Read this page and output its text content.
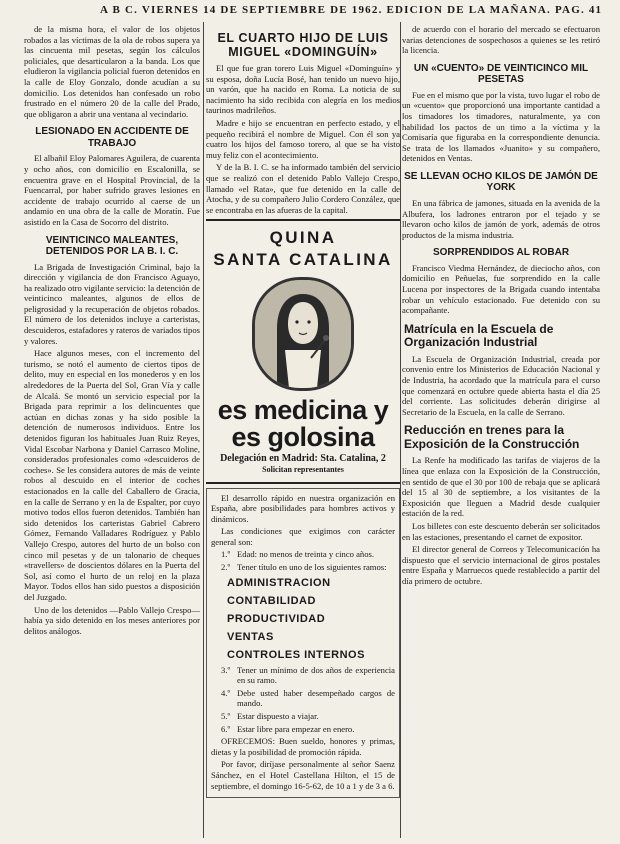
A B C. VIERNES 14 DE SEPTIEMBRE DE 1962. EDICION DE LA MAÑANA. PAG. 41

de la misma hora, el valor de los objetos robados a las víctimas de la ola de robos supera ya las cincuenta mil pesetas, según los cálculos policiales, que desarticularon a la banda. Los que eludieron la vigilancia policial fueron detenidos en la calle de Eloy Gonzalo, donde acudían a su domicilio. Los detenidos han confesado un robo frustrado en el número 20 de la calle del Prado, que obligaron a abrir una ventana al vecindario.

LESIONADO EN ACCIDENTE DE TRABAJO

El albañil Eloy Palomares Aguilera, de cuarenta y ocho años, con domicilio en Escalonilla, se encuentra grave en el Hospital Provincial, de la Fuencarral, por haber sufrido graves lesiones en accidente de trabajo ocurrido al caerse de un andamio en una obra de la calle de Moratín. Fue asistido en la Casa de Socorro del distrito.

VEINTICINCO MALEANTES, DETENIDOS POR LA B. I. C.

La Brigada de Investigación Criminal, bajo la dirección y vigilancia de don Francisco Aguayo, ha realizado otro vigilante servicio: la detención de veinticinco maleantes, algunos de ellos de peligrosidad y la recuperación de objetos robados. El número de los detenidos incluye a carteristas, descuideros, estafadores y rateros de variados tipos y valores.

Hace algunos meses, con el incremento del turismo, se notó el aumento de ciertos tipos de delito, muy en especial en los monederos y en los alrededores de la Puerta del Sol, Gran Vía y calle de Alcalá. Se montó un servicio especial por la Brigada para reprimir a los delincuentes que actúan en dichas zonas y ha sido posible la detención de numerosos individuos. Entre los detenidos figuran los habituales Juan Ruiz Reyes, Vidal Escobar Narbona y Daniel Carrasco Moline, considerados profesionales como «descuideros de coches». Se les considera autores de más de veinte robos al descuido en el interior de coches estacionados en la calle del Caballero de Gracia, en la calle de Serrano y en la de Espalter, por cuyo motivo todos ellos fueron detenidos. También han sido detenidos los carteristas Gabriel Cabrero Gómez, Fernando Valladares Rodríguez y Pablo Vallejo Crespo, autores del hurto de un bolso con cinco mil pesetas y de un talonario de cheques «travellers» de doscientos dólares en la Puerta del Sol, así como el hurto de un reloj en la plaza Mayor. Todos ellos han sido puestos a disposición del Juzgado.

Uno de los detenidos —Pablo Vallejo Crespo— había ya sido detenido en los meses anteriores por delitos análogos.

EL CUARTO HIJO DE LUIS MIGUEL «DOMINGUÍN»

El que fue gran torero Luis Miguel «Dominguín» y su esposa, doña Lucía Bosé, han tenido un nuevo hijo, un varón, que ha nacido en Roma. La noticia de su nacimiento ha sido recibida con alegría en los medios taurinos madrileños.

Madre e hijo se encuentran en perfecto estado, y el pequeño recibirá el nombre de Miguel. Con él son ya cuatro los hijos del famoso torero, al que se ha visto muy feliz con el acontecimiento.

Y de la B. I. C. se ha informado también del servicio que se realizó con el detenido Pablo Vallejo Crespo, llamado «el Rata», que fue detenido en la calle de Atocha, y de su compañero Julio Cordero Conzález, que se encontraba en las afueras de la capital.

QUINA
SANTA CATALINA
es medicina y
es golosina
Delegación en Madrid: Sta. Catalina, 2
Solicitan representantes

El desarrollo rápido en nuestra organización en España, abre posibilidades para hombres activos y dinámicos.

Las condiciones que exigimos con carácter general son:

1.º Edad: no menos de treinta y cinco años.

2.º Tener título en uno de los siguientes ramos:

ADMINISTRACION
CONTABILIDAD
PRODUCTIVIDAD
VENTAS
CONTROLES INTERNOS

3.º Tener un mínimo de dos años de experiencia en su ramo.

4.º Debe usted haber desempeñado cargos de mando.

5.º Estar dispuesto a viajar.

6.º Estar libre para empezar en enero.

OFRECEMOS: Buen sueldo, honores y primas, dietas y la posibilidad de promoción rápida.

Por favor, diríjase personalmente al señor Saenz Sánchez, en el Hotel Castellana Hilton, el 15 de septiembre, el domingo 16-5-62, de 10 a 1 y de 3 a 6.

de acuerdo con el horario del mercado se efectuaron varias detenciones de sospechosos a quienes se les retiró la licencia.

UN «CUENTO» DE VEINTICINCO MIL PESETAS

Fue en el mismo que por la vista, tuvo lugar el robo de un «cuento» que proporcionó una importante cantidad a los timadores los timadores, naturalmente, ya con habilidad los pactos de un timo a la víctima y la Comisaría que figuraba en la correspondiente denuncia. Se trata de los llamados «Juanito» y su compañero, detenidos en Ventas.

SE LLEVAN OCHO KILOS DE JAMÓN DE YORK

En una fábrica de jamones, situada en la avenida de la Albufera, los ladrones entraron por el tejado y se llevaron ocho kilos de jamón de york, además de otros productos de la misma industria.

SORPRENDIDOS AL ROBAR

Francisco Viedma Hernández, de dieciocho años, con domicilio en Peñuelas, fue sorprendido en la calle Lucena por inspectores de la Brigada cuando intentaba robar un vehículo estacionado. Fue detenido con su acompañante.

Matrícula en la Escuela de Organización Industrial

La Escuela de Organización Industrial, creada por convenio entre los Ministerios de Educación Nacional y de Industria, ha acordado que la matrícula para el curso que comenzará en octubre quede abierta hasta el día 25 del corriente. Las solicitudes deberán dirigirse al Secretario de la Escuela, en la calle de Serrano.

Reducción en trenes para la Exposición de la Construcción

La Renfe ha modificado las tarifas de viajeros de la línea que enlaza con la Exposición de la Construcción, en sentido de que el 30 por 100 de rebaja que se aplicará del 15 al 30 de septiembre, a los visitantes de la Exposición que lleguen a Madrid desde cualquier estación de la red.

Los billetes con este descuento deberán ser solicitados en las estaciones, presentando el carnet de expositor.

El director general de Correos y Telecomunicación ha dispuesto que el servicio internacional de giros postales entre España y Marruecos quede restablecido a partir del día primero de octubre.
